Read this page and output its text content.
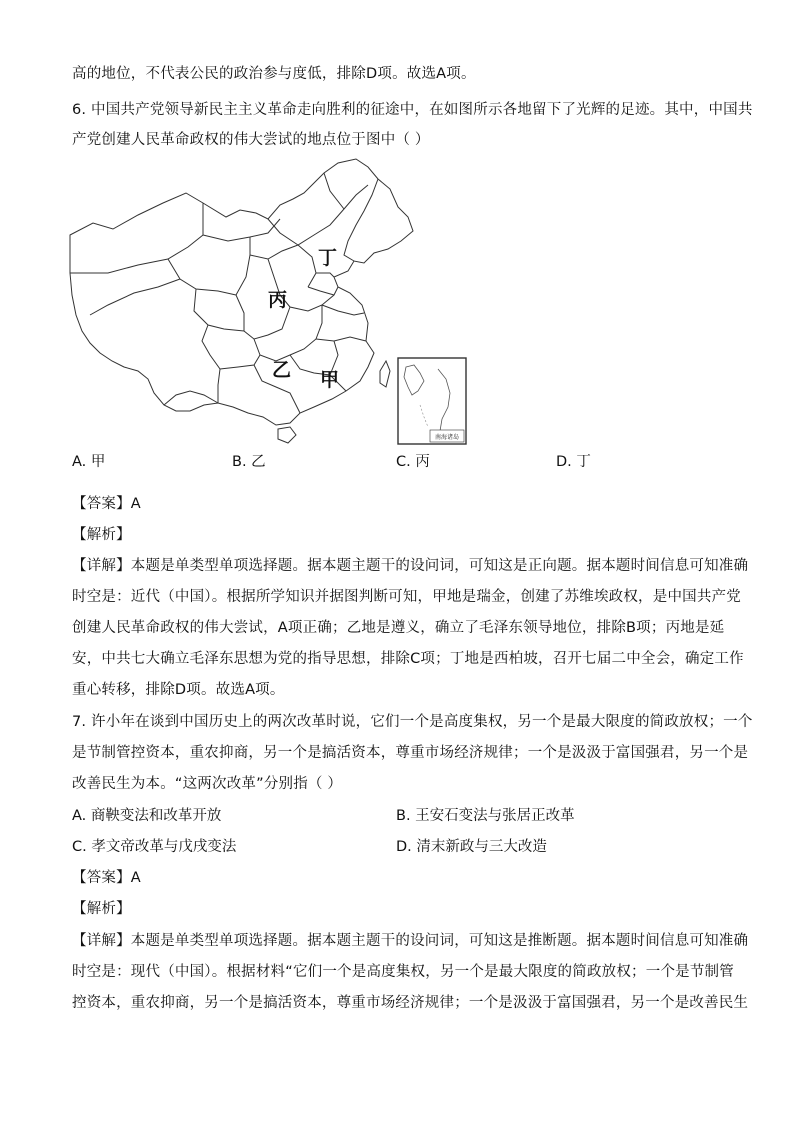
高的地位，不代表公民的政治参与度低，排除D项。故选A项。
6. 中国共产党领导新民主主义革命走向胜利的征途中，在如图所示各地留下了光辉的足迹。其中，中国共
产党创建人民革命政权的伟大尝试的地点位于图中（ ）
南海诸岛
丁
丙
乙 甲
A. 甲	B. 乙	C. 丙	D. 丁
【答案】A
【解析】
【详解】本题是单类型单项选择题。据本题主题干的设问词，可知这是正向题。据本题时间信息可知准确
时空是：近代（中国）。根据所学知识并据图判断可知，甲地是瑞金，创建了苏维埃政权，是中国共产党
创建人民革命政权的伟大尝试，A项正确；乙地是遵义，确立了毛泽东领导地位，排除B项；丙地是延
安，中共七大确立毛泽东思想为党的指导思想，排除C项；丁地是西柏坡，召开七届二中全会，确定工作
重心转移，排除D项。故选A项。
7. 许小年在谈到中国历史上的两次改革时说，它们一个是高度集权，另一个是最大限度的简政放权；一个
是节制管控资本，重农抑商，另一个是搞活资本，尊重市场经济规律；一个是汲汲于富国强君，另一个是
改善民生为本。“这两次改革”分别指（ ）
A. 商鞅变法和改革开放	B. 王安石变法与张居正改革
C. 孝文帝改革与戊戌变法	D. 清末新政与三大改造
【答案】A
【解析】
【详解】本题是单类型单项选择题。据本题主题干的设问词，可知这是推断题。据本题时间信息可知准确
时空是：现代（中国）。根据材料“它们一个是高度集权，另一个是最大限度的简政放权；一个是节制管
控资本，重农抑商，另一个是搞活资本，尊重市场经济规律；一个是汲汲于富国强君，另一个是改善民生
